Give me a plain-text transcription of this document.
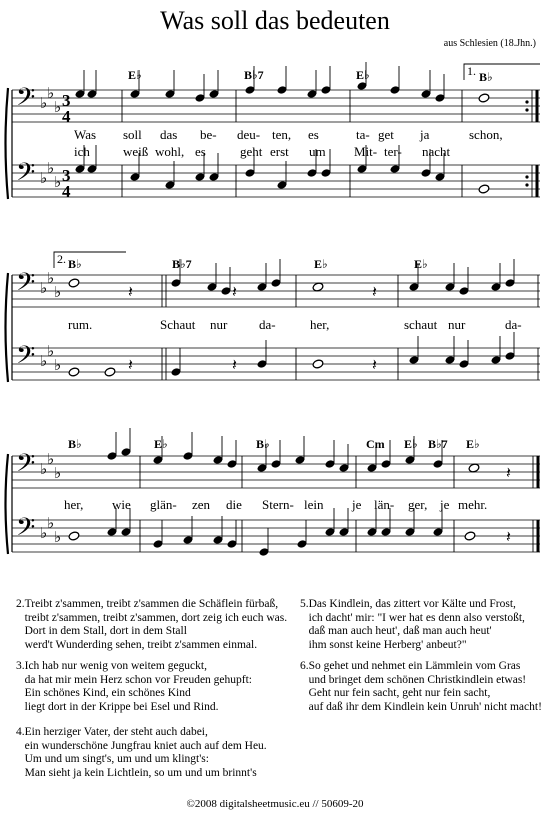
Was soll das bedeuten
aus Schlesien (18.Jhn.)
𝄢
𝄢
𝄢
𝄢
𝄢
𝄢
♭
♭
♭
♭
♭
♭
♭
♭
♭
♭
♭
♭
♭
♭
♭
♭
♭
♭
3
4
3
4
𝄽	𝄽
𝄽	𝄽
𝄽
𝄽
𝄽
𝄽
E♭	B♭7	E♭	1. B♭
Was soll das be- deu- ten, es	ta- get ja	schon,
ich	weiß wohl, es	geht erst um Mit- ter- nacht
2. B♭	B♭7	E♭	E♭
rum.	Schaut nur da-	her,	schaut nur	da-
B♭	E♭	B♭	Cm E♭ B♭7 E♭
her, wie glän- zen die Stern- lein je län- ger, je mehr.
2.Treibt z'sammen, treibt z'sammen die Schäflein fürbaß,
treibt z'sammen, treibt z'sammen, dort zeig ich euch was.
Dort in dem Stall, dort in dem Stall
werd't Wunderding sehen, treibt z'sammen einmal.
3.Ich hab nur wenig von weitem geguckt,
da hat mir mein Herz schon vor Freuden gehupft:
Ein schönes Kind, ein schönes Kind
liegt dort in der Krippe bei Esel und Rind.
4.Ein herziger Vater, der steht auch dabei,
ein wunderschöne Jungfrau kniet auch auf dem Heu.
Um und um singt's, um und um klingt's:
Man sieht ja kein Lichtlein, so um und um brinnt's
5.Das Kindlein, das zittert vor Kälte und Frost,
ich dacht' mir: "I wer hat es denn also verstoßt,
daß man auch heut', daß man auch heut'
ihm sonst keine Herberg' anbeut?"
6.So gehet und nehmet ein Lämmlein vom Gras
und bringet dem schönen Christkindlein etwas!
Geht nur fein sacht, geht nur fein sacht,
auf daß ihr dem Kindlein kein Unruh' nicht macht!
©2008 digitalsheetmusic.eu // 50609-20
